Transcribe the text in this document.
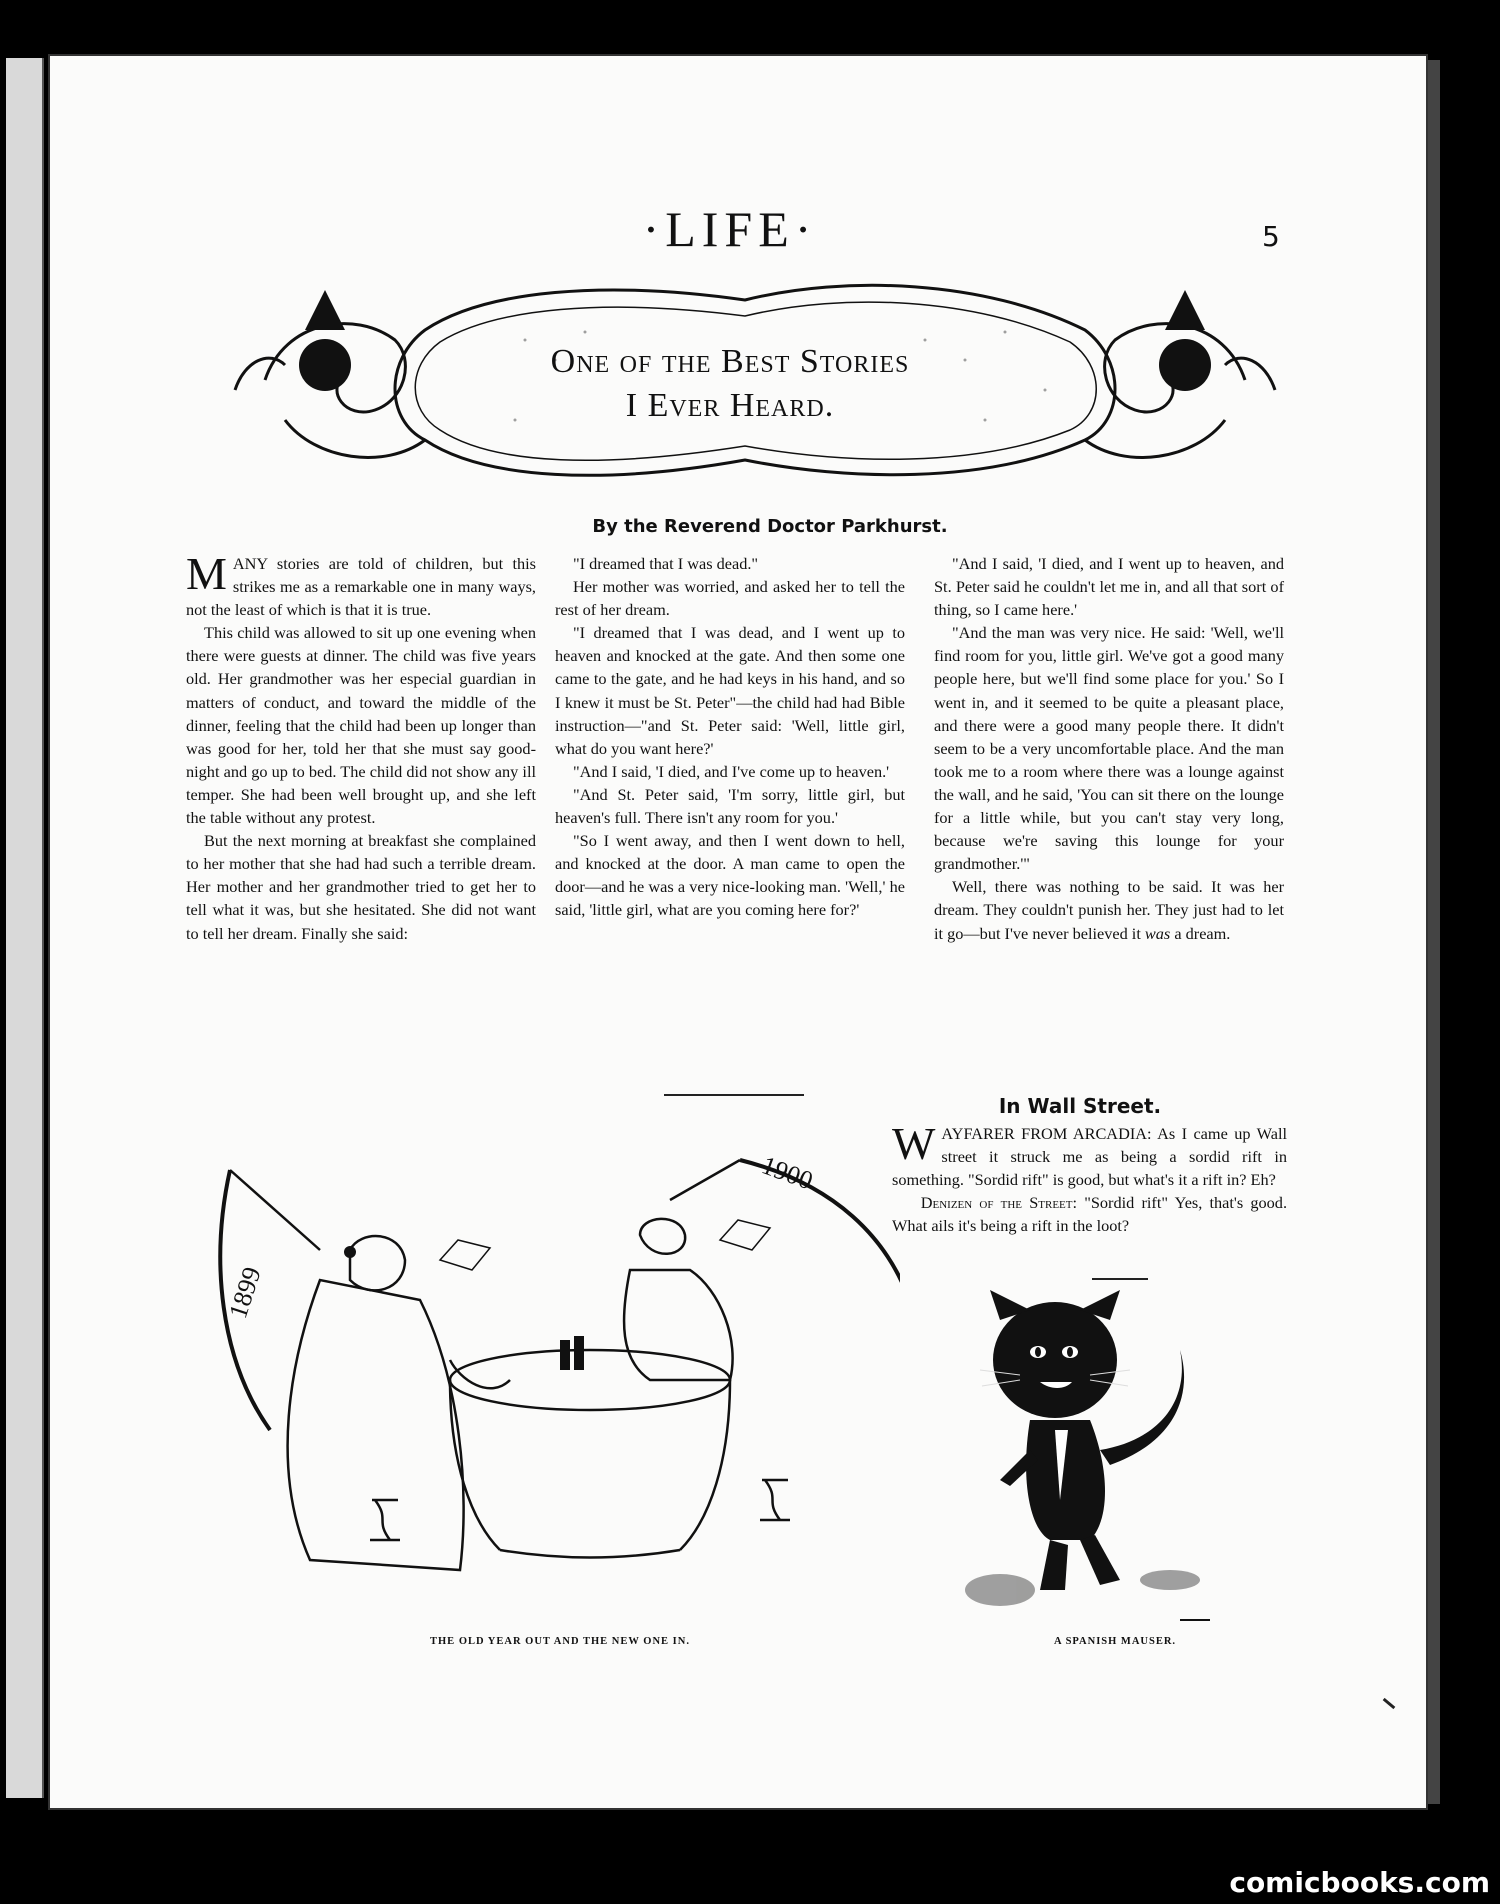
·LIFE·	5
One of the Best Stories
I Ever Heard.
By the Reverend Doctor Parkhurst.

MANY stories are told of children, but this strikes me as a remarkable one in many ways, not the least of which is that it is true.

This child was allowed to sit up one evening when there were guests at dinner. The child was five years old. Her grandmother was her especial guardian in matters of conduct, and toward the middle of the dinner, feeling that the child had been up longer than was good for her, told her that she must say good-night and go up to bed. The child did not show any ill temper. She had been well brought up, and she left the table without any protest.

But the next morning at breakfast she complained to her mother that she had had such a terrible dream. Her mother and her grandmother tried to get her to tell what it was, but she hesitated. She did not want to tell her dream. Finally she said:

"I dreamed that I was dead."

Her mother was worried, and asked her to tell the rest of her dream.

"I dreamed that I was dead, and I went up to heaven and knocked at the gate. And then some one came to the gate, and he had keys in his hand, and so I knew it must be St. Peter"—the child had had Bible instruction—"and St. Peter said: 'Well, little girl, what do you want here?'

"And I said, 'I died, and I've come up to heaven.'

"And St. Peter said, 'I'm sorry, little girl, but heaven's full. There isn't any room for you.'

"So I went away, and then I went down to hell, and knocked at the door. A man came to open the door—and he was a very nice-looking man. 'Well,' he said, 'little girl, what are you coming here for?'

"And I said, 'I died, and I went up to heaven, and St. Peter said he couldn't let me in, and all that sort of thing, so I came here.'

"And the man was very nice. He said: 'Well, we'll find room for you, little girl. We've got a good many people here, but we'll find some place for you.' So I went in, and it seemed to be quite a pleasant place, and there were a good many people there. It didn't seem to be a very uncomfortable place. And the man took me to a room where there was a lounge against the wall, and he said, 'You can sit there on the lounge for a little while, but you can't stay very long, because we're saving this lounge for your grandmother.'"

Well, there was nothing to be said. It was her dream. They couldn't punish her. They just had to let it go—but I've never believed it was a dream.

In Wall Street.
WAYFARER FROM ARCADIA: As I came up Wall street it struck me as being a sordid rift in something. "Sordid rift" is good, but what's it a rift in? Eh?
Denizen of the Street: "Sordid rift" Yes, that's good. What ails it's being a rift in the loot?
1899
1900
THE OLD YEAR OUT AND THE NEW ONE IN.	A SPANISH MAUSER.
comicbooks.com
